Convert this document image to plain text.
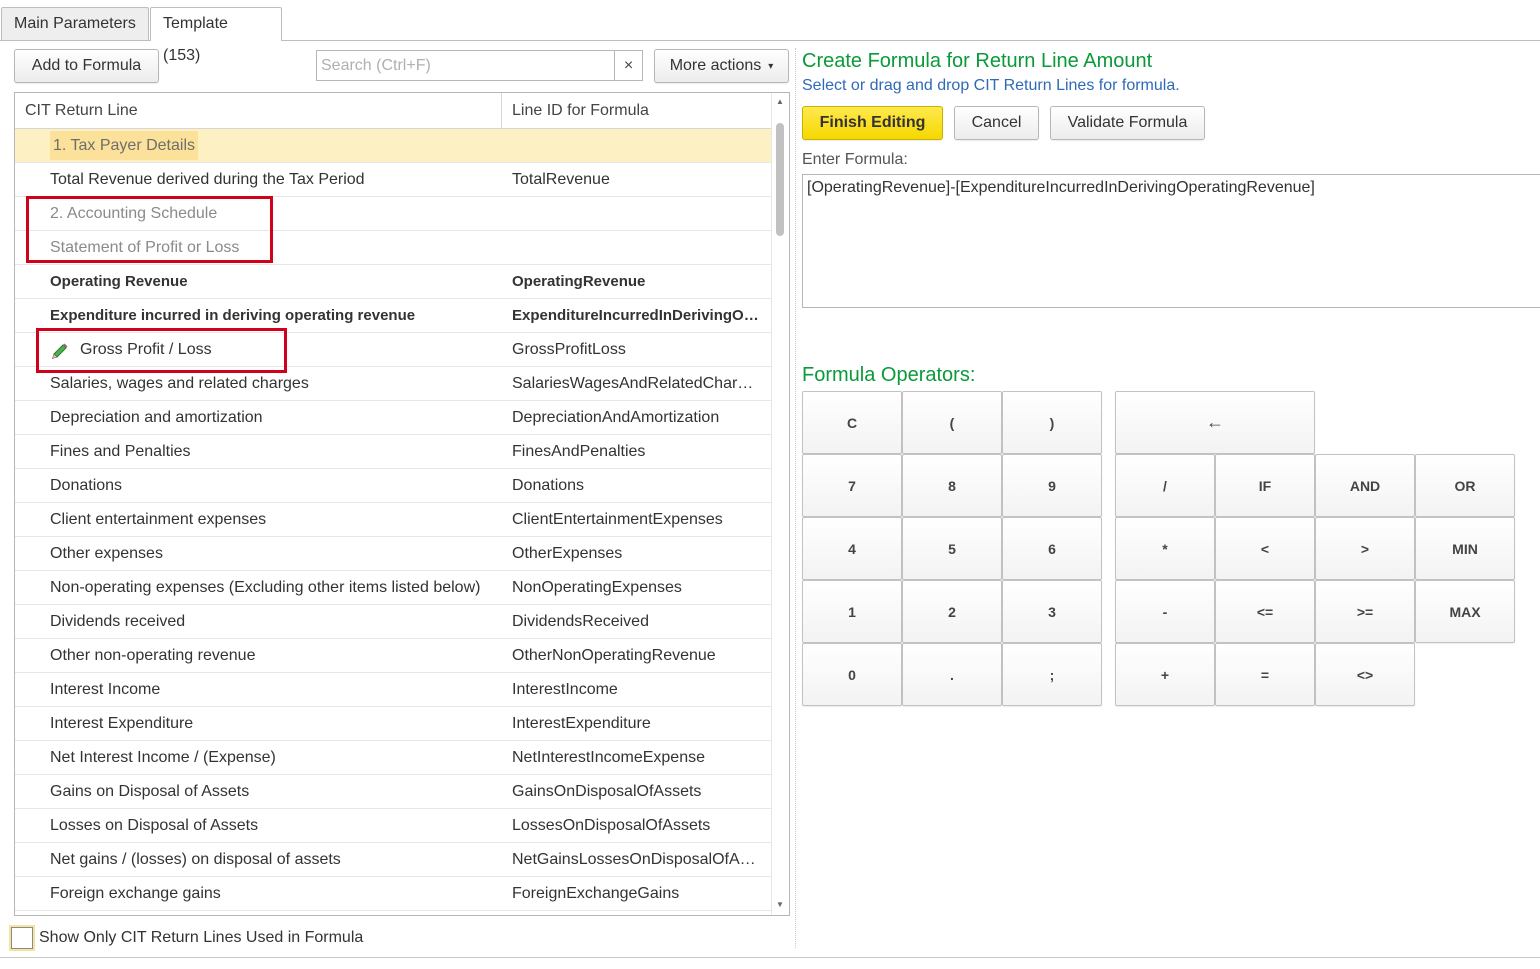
Main Parameters	Template (153)
Add to Formula
Search (Ctrl+F)	×	More actions ▾
CIT Return Line	Line ID for Formula
1. Tax Payer Details
Total Revenue derived during the Tax Period	TotalRevenue
2. Accounting Schedule
Statement of Profit or Loss
Operating Revenue	OperatingRevenue
Expenditure incurred in deriving operating revenue	ExpenditureIncurredInDerivingO…
Gross Profit / Loss	GrossProfitLoss
Salaries, wages and related charges	SalariesWagesAndRelatedChar…
Depreciation and amortization	DepreciationAndAmortization
Fines and Penalties	FinesAndPenalties
Donations	Donations
Client entertainment expenses	ClientEntertainmentExpenses
Other expenses	OtherExpenses
Non-operating expenses (Excluding other items listed below)	NonOperatingExpenses
Dividends received	DividendsReceived
Other non-operating revenue	OtherNonOperatingRevenue
Interest Income	InterestIncome
Interest Expenditure	InterestExpenditure
Net Interest Income / (Expense)	NetInterestIncomeExpense
Gains on Disposal of Assets	GainsOnDisposalOfAssets
Losses on Disposal of Assets	LossesOnDisposalOfAssets
Net gains / (losses) on disposal of assets	NetGainsLossesOnDisposalOfA…
Foreign exchange gains	ForeignExchangeGains
▲
▼
Show Only CIT Return Lines Used in Formula
Create Formula for Return Line Amount
Select or drag and drop CIT Return Lines for formula.
Finish Editing	Cancel	Validate Formula
Enter Formula:
[OperatingRevenue]-[ExpenditureIncurredInDerivingOperatingRevenue]
Formula Operators:
C	(	)	←
7	8	9	/	IF	AND	OR
4	5	6	*	<	>	MIN
1	2	3	-	<=	>=	MAX
0	.	;	+	=	<>
